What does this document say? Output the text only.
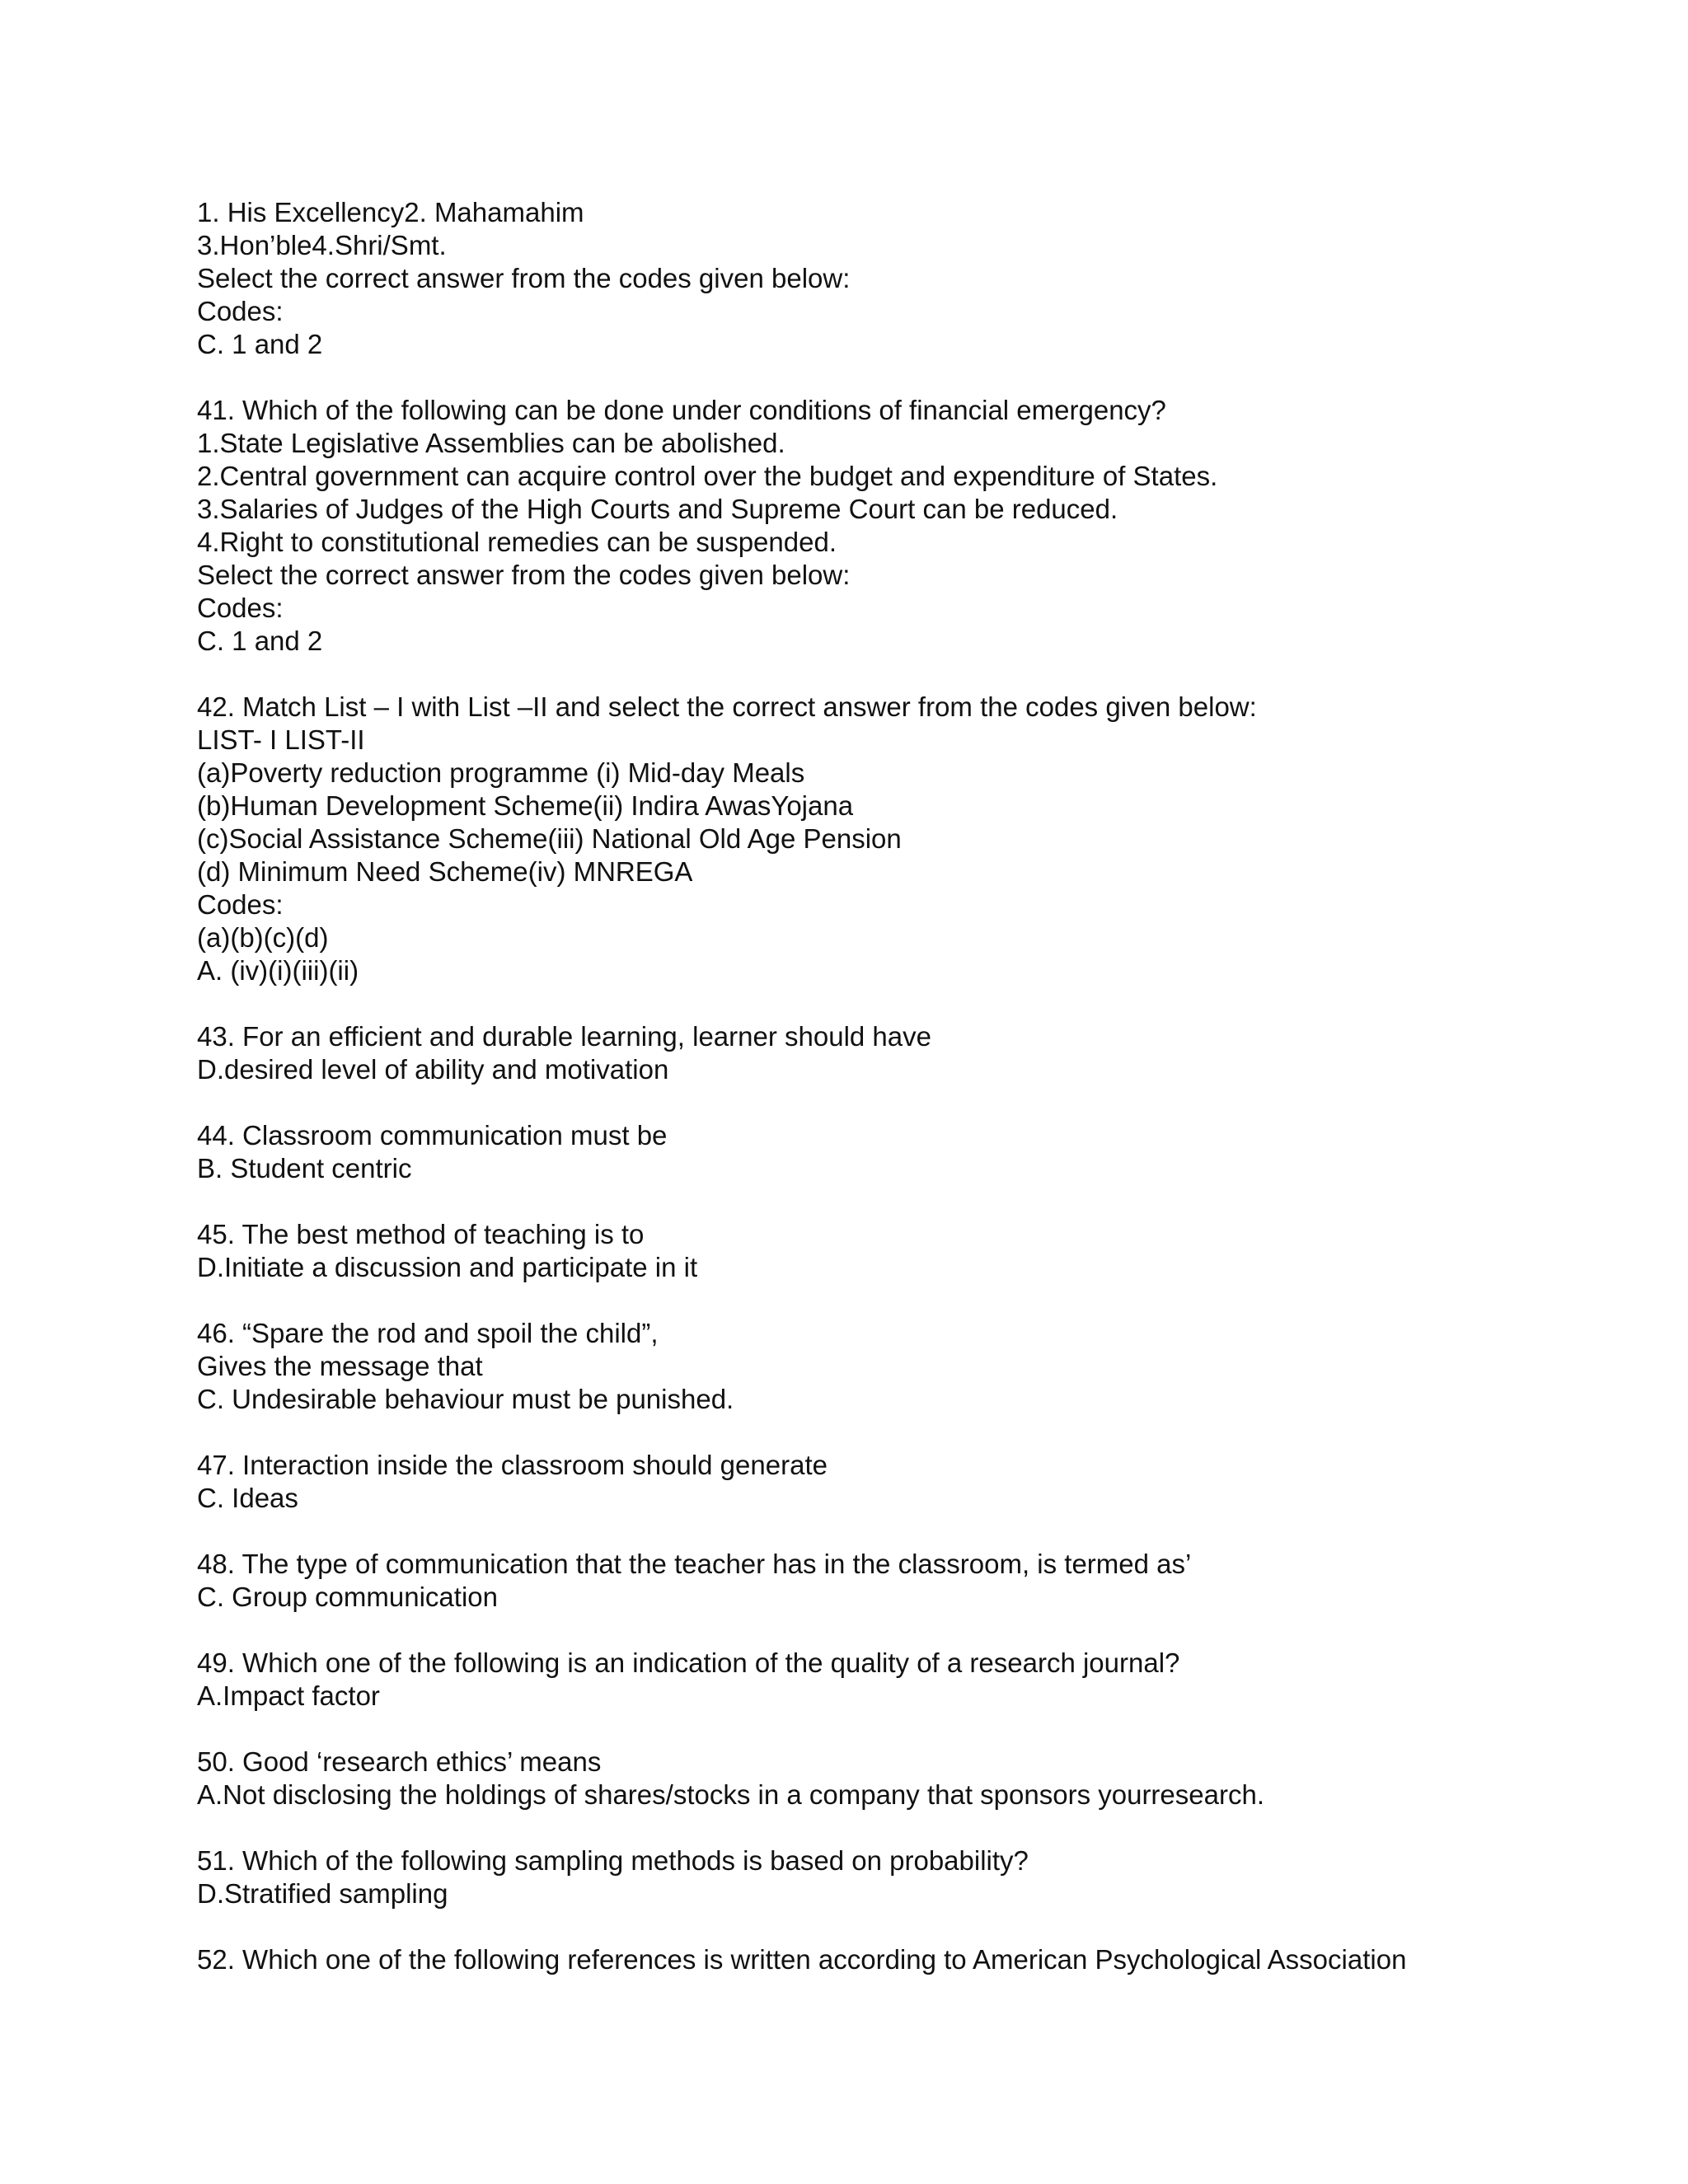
1. His Excellency2. Mahamahim
3.Hon’ble4.Shri/Smt.
Select the correct answer from the codes given below:
Codes:
C. 1 and 2
41. Which of the following can be done under conditions of financial emergency?
1.State Legislative Assemblies can be abolished.
2.Central government can acquire control over the budget and expenditure of States.
3.Salaries of Judges of the High Courts and Supreme Court can be reduced.
4.Right to constitutional remedies can be suspended.
Select the correct answer from the codes given below:
Codes:
C. 1 and 2
42. Match List – I with List –II and select the correct answer from the codes given below:
LIST- I LIST-II
(a)Poverty reduction programme (i) Mid-day Meals
(b)Human Development Scheme(ii) Indira AwasYojana
(c)Social Assistance Scheme(iii) National Old Age Pension
(d) Minimum Need Scheme(iv) MNREGA
Codes:
(a)(b)(c)(d)
A. (iv)(i)(iii)(ii)
43. For an efficient and durable learning, learner should have
D.desired level of ability and motivation
44. Classroom communication must be
B. Student centric
45. The best method of teaching is to
D.Initiate a discussion and participate in it
46. “Spare the rod and spoil the child”,
Gives the message that
C. Undesirable behaviour must be punished.
47. Interaction inside the classroom should generate
C. Ideas
48. The type of communication that the teacher has in the classroom, is termed as’
C. Group communication
49. Which one of the following is an indication of the quality of a research journal?
A.Impact factor
50. Good ‘research ethics’ means
A.Not disclosing the holdings of shares/stocks in a company that sponsors yourresearch.
51. Which of the following sampling methods is based on probability?
D.Stratified sampling
52. Which one of the following references is written according to American Psychological Association
